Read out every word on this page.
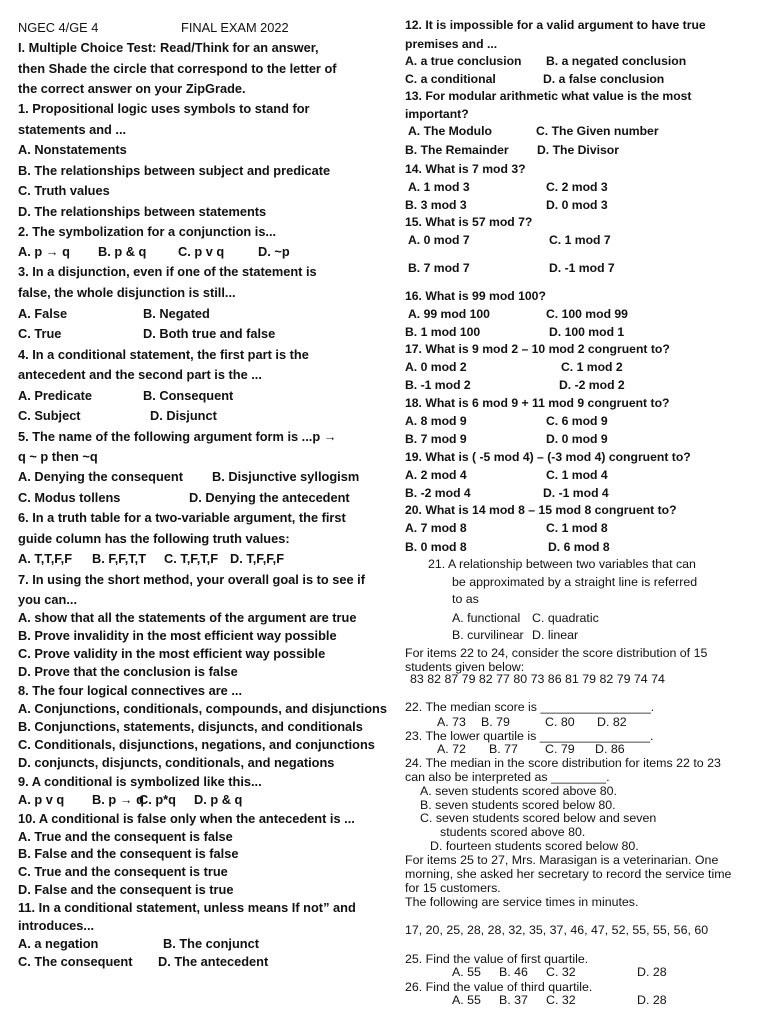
NGEC 4/GE 4	FINAL EXAM 2022
I. Multiple Choice Test: Read/Think for an answer,
then Shade the circle that correspond to the letter of
the correct answer on your ZipGrade.
1. Propositional logic uses symbols to stand for
statements and ...
A. Nonstatements
B. The relationships between subject and predicate
C. Truth values
D. The relationships between statements
2. The symbolization for a conjunction is...
A. p → q B. p & q C. p v q	D. ~p
3. In a disjunction, even if one of the statement is
false, the whole disjunction is still...
A. False	B. Negated
C. True	D. Both true and false
4. In a conditional statement, the first part is the
antecedent and the second part is the ...
A. Predicate	B. Consequent
C. Subject	D. Disjunct
5. The name of the following argument form is ...p →
q ~ p then ~q
A. Denying the consequent B. Disjunctive syllogism
C. Modus tollens	D. Denying the antecedent
6. In a truth table for a two-variable argument, the first
guide column has the following truth values:
A. T,T,F,F B. F,F,T,T C. T,F,T,F D. T,F,F,F
7. In using the short method, your overall goal is to see if
you can...
A. show that all the statements of the argument are true
B. Prove invalidity in the most efficient way possible
C. Prove validity in the most efficient way possible
D. Prove that the conclusion is false
8. The four logical connectives are ...
A. Conjunctions, conditionals, compounds, and disjunctions
B. Conjunctions, statements, disjuncts, and conditionals
C. Conditionals, disjunctions, negations, and conjunctions
D. conjuncts, disjuncts, conditionals, and negations
9. A conditional is symbolized like this...
A. p v q B. p → q
C. p*q D. p & q
10. A conditional is false only when the antecedent is ...
A. True and the consequent is false
B. False and the consequent is false
C. True and the consequent is true
D. False and the consequent is true
11. In a conditional statement, unless means If not” and
introduces...
A. a negation	B. The conjunct
C. The consequent D. The antecedent
12. It is impossible for a valid argument to have true
premises and ...
A. a true conclusion B. a negated conclusion
C. a conditional	D. a false conclusion
13. For modular arithmetic what value is the most
important?
A. The Modulo	C. The Given number
B. The Remainder D. The Divisor
14. What is 7 mod 3?
A. 1 mod 3	C. 2 mod 3
B. 3 mod 3	D. 0 mod 3
15. What is 57 mod 7?
A. 0 mod 7	C. 1 mod 7
B. 7 mod 7	D. -1 mod 7
16. What is 99 mod 100?
A. 99 mod 100	C. 100 mod 99
B. 1 mod 100	D. 100 mod 1
17. What is 9 mod 2 – 10 mod 2 congruent to?
A. 0 mod 2	C. 1 mod 2
B. -1 mod 2	D. -2 mod 2
18. What is 6 mod 9 + 11 mod 9 congruent to?
A. 8 mod 9	C. 6 mod 9
B. 7 mod 9	D. 0 mod 9
19. What is ( -5 mod 4) – (-3 mod 4) congruent to?
A. 2 mod 4	C. 1 mod 4
B. -2 mod 4	D. -1 mod 4
20. What is 14 mod 8 – 15 mod 8 congruent to?
A. 7 mod 8	C. 1 mod 8
B. 0 mod 8	D. 6 mod 8
21. A relationship between two variables that can
be approximated by a straight line is referred
to as
A. functional C. quadratic
B. curvilinear D. linear
For items 22 to 24, consider the score distribution of 15
students given below:
83 82 87 79 82 77 80 73 86 81 79 82 79 74 74
22. The median score is ________________.
A. 73 B. 79	C. 80 D. 82
23. The lower quartile is ________________.
A. 72 B. 77 C. 79 D. 86
24. The median in the score distribution for items 22 to 23
can also be interpreted as ________.
A. seven students scored above 80.
B. seven students scored below 80.
C. seven students scored below and seven
students scored above 80.
D. fourteen students scored below 80.
For items 25 to 27, Mrs. Marasigan is a veterinarian. One
morning, she asked her secretary to record the service time
for 15 customers.
The following are service times in minutes.
17, 20, 25, 28, 28, 32, 35, 37, 46, 47, 52, 55, 55, 56, 60
25. Find the value of first quartile.
A. 55 B. 46 C. 32	D. 28
26. Find the value of third quartile.
A. 55 B. 37 C. 32	D. 28
